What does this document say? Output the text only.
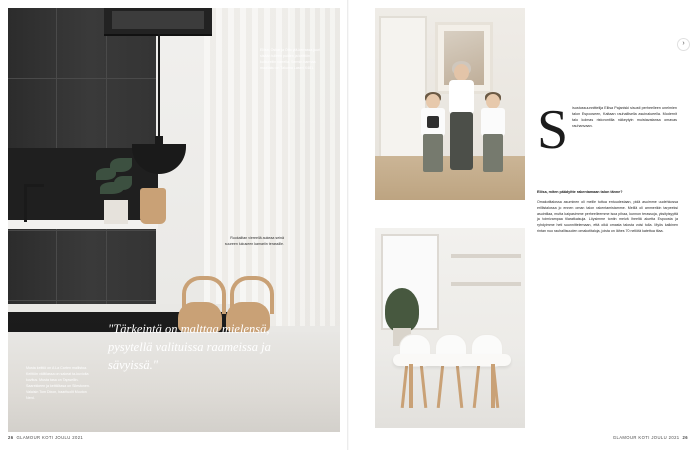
"Tärkeintä on malttaa mielensä, pysytellä valituissa raameissa ja sävyissä."

Musta keittiö on A La Carten mallistoa. Keittiön välitilassa on sakeat ta-kuvioita kuvitus. Musta tasa on Tapwellin. Saarekkeen ja keittiötasa on Silestonen. Valaisin Tom Dixon, baarituolit Muuton Nerd.
Eliisa, Oskar ja Otto ylä-kerrassa juuri sisään tulleen puiden ja keittiön kulkureitin varrella. Sermin harmaa maailaku on Takuma Laseri X481.
Ruokailtan viereellä aukeaa seinä suureen lukuseen kamariin terassille.
26 GLAMOUR KOTI JOULU 2021
›
S	isustussuunnittelija Eliisa Pajaniski sisusti perheelleen unelmien talon Espooseen, Kaitaan rauhallisella asuinalueella. Modernit talo kolmas ristorontilla näkeytyin muistavatansa omavas rauhanvaan.

Eliisa, miten päädyitte rakentamaan talon tänne?

Omakotitalossa asuminen oli meille tuttua entuudestaan, pidä asuimme uudehkossa erillistalossa jo ennen oman talon rakentamistamme. Meillä oli ammerikin tarpeeksi asuintilaa, mutta kaipasimme perheelleemme isoa pihaa, kunnon terassoja, yksityisyyttä ja toimivampaa tilaratkaisuja. Löysimme tontin meivä lheeltä aluetta Espoosta ja ryhdyimme heti suunnittelemaan, että oikä omasta talosta voisi tulla. Myös kalkinen rintan nuo rauhallisuuden omakotitaloja, joista on lähes 70 neliötä katettua tilaa.

GLAMOUR KOTI JOULU 2021 26
